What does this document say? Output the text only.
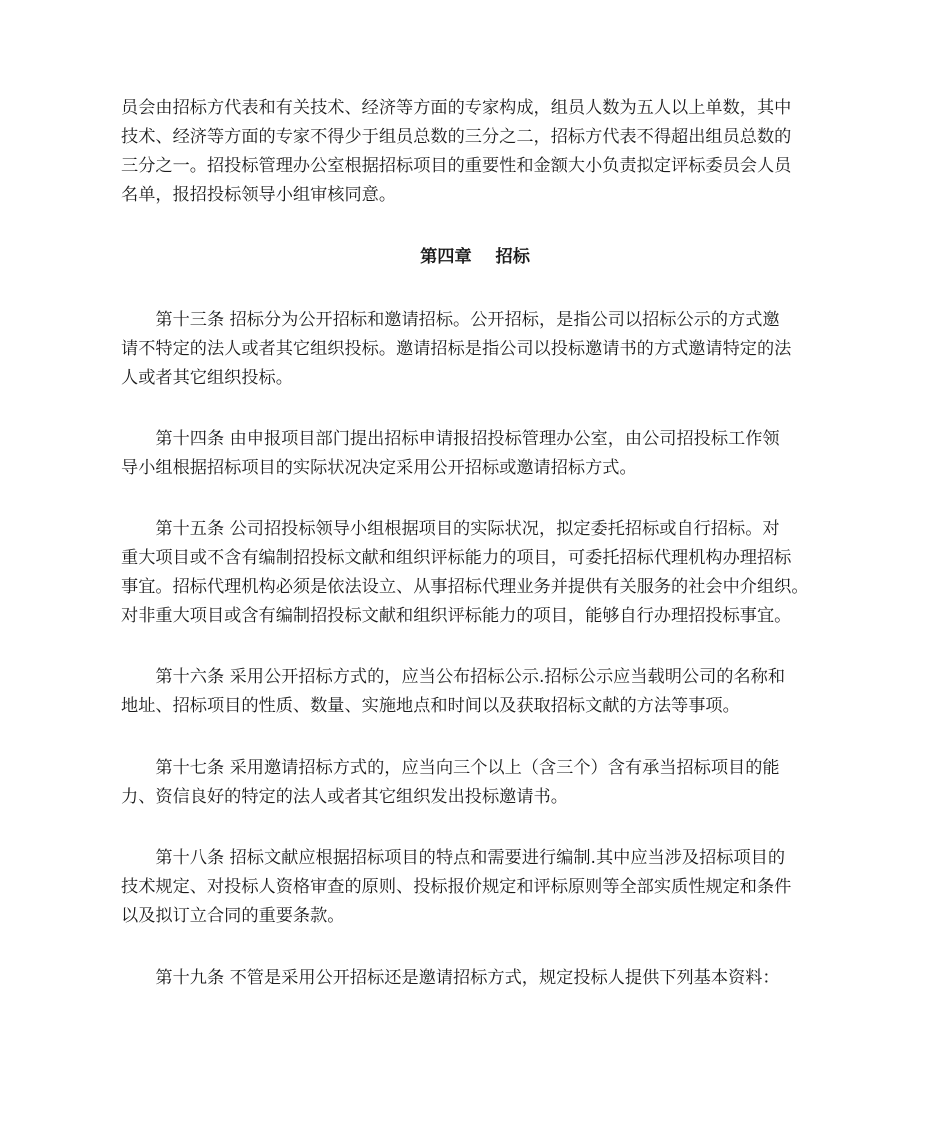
员会由招标方代表和有关技术、经济等方面的专家构成，组员人数为五人以上单数，其中
技术、经济等方面的专家不得少于组员总数的三分之二，招标方代表不得超出组员总数的
三分之一。招投标管理办公室根据招标项目的重要性和金额大小负责拟定评标委员会人员
名单，报招投标领导小组审核同意。
第四章    招标
　　第十三条 招标分为公开招标和邀请招标。公开招标，是指公司以招标公示的方式邀
请不特定的法人或者其它组织投标。邀请招标是指公司以投标邀请书的方式邀请特定的法
人或者其它组织投标。
　　第十四条 由申报项目部门提出招标申请报招投标管理办公室，由公司招投标工作领
导小组根据招标项目的实际状况决定采用公开招标或邀请招标方式。
　　第十五条 公司招投标领导小组根据项目的实际状况，拟定委托招标或自行招标。对
重大项目或不含有编制招投标文献和组织评标能力的项目，可委托招标代理机构办理招标
事宜。招标代理机构必须是依法设立、从事招标代理业务并提供有关服务的社会中介组织。
对非重大项目或含有编制招投标文献和组织评标能力的项目，能够自行办理招投标事宜。
　　第十六条 采用公开招标方式的，应当公布招标公示.招标公示应当载明公司的名称和
地址、招标项目的性质、数量、实施地点和时间以及获取招标文献的方法等事项。
　　第十七条 采用邀请招标方式的，应当向三个以上（含三个）含有承当招标项目的能
力、资信良好的特定的法人或者其它组织发出投标邀请书。
　　第十八条 招标文献应根据招标项目的特点和需要进行编制.其中应当涉及招标项目的
技术规定、对投标人资格审查的原则、投标报价规定和评标原则等全部实质性规定和条件
以及拟订立合同的重要条款。
　　第十九条 不管是采用公开招标还是邀请招标方式，规定投标人提供下列基本资料：
